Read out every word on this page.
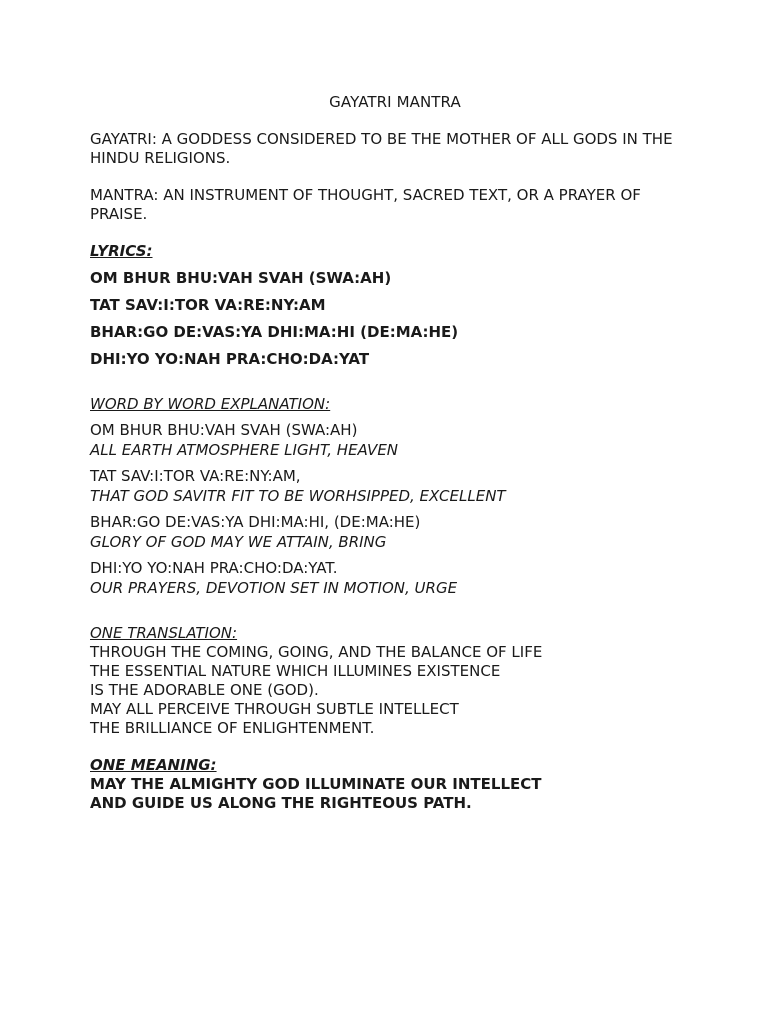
GAYATRI MANTRA

GAYATRI: A GODDESS CONSIDERED TO BE THE MOTHER OF ALL GODS IN THE HINDU RELIGIONS.

MANTRA: AN INSTRUMENT OF THOUGHT, SACRED TEXT, OR A PRAYER OF PRAISE.

LYRICS:

OM BHUR BHU:VAH SVAH (SWA:AH)

TAT SAV:I:TOR VA:RE:NY:AM

BHAR:GO DE:VAS:YA DHI:MA:HI (DE:MA:HE)

DHI:YO YO:NAH PRA:CHO:DA:YAT

WORD BY WORD EXPLANATION:

OM BHUR BHU:VAH SVAH (SWA:AH)
ALL EARTH ATMOSPHERE LIGHT, HEAVEN
TAT SAV:I:TOR VA:RE:NY:AM,
THAT GOD SAVITR FIT TO BE WORHSIPPED, EXCELLENT
BHAR:GO DE:VAS:YA DHI:MA:HI, (DE:MA:HE)
GLORY OF GOD MAY WE ATTAIN, BRING
DHI:YO YO:NAH PRA:CHO:DA:YAT.
OUR PRAYERS, DEVOTION SET IN MOTION, URGE

ONE TRANSLATION:

THROUGH THE COMING, GOING, AND THE BALANCE OF LIFE

THE ESSENTIAL NATURE WHICH ILLUMINES EXISTENCE

IS THE ADORABLE ONE (GOD).

MAY ALL PERCEIVE THROUGH SUBTLE INTELLECT

THE BRILLIANCE OF ENLIGHTENMENT.

ONE MEANING:

MAY THE ALMIGHTY GOD ILLUMINATE OUR INTELLECT

AND GUIDE US ALONG THE RIGHTEOUS PATH.
